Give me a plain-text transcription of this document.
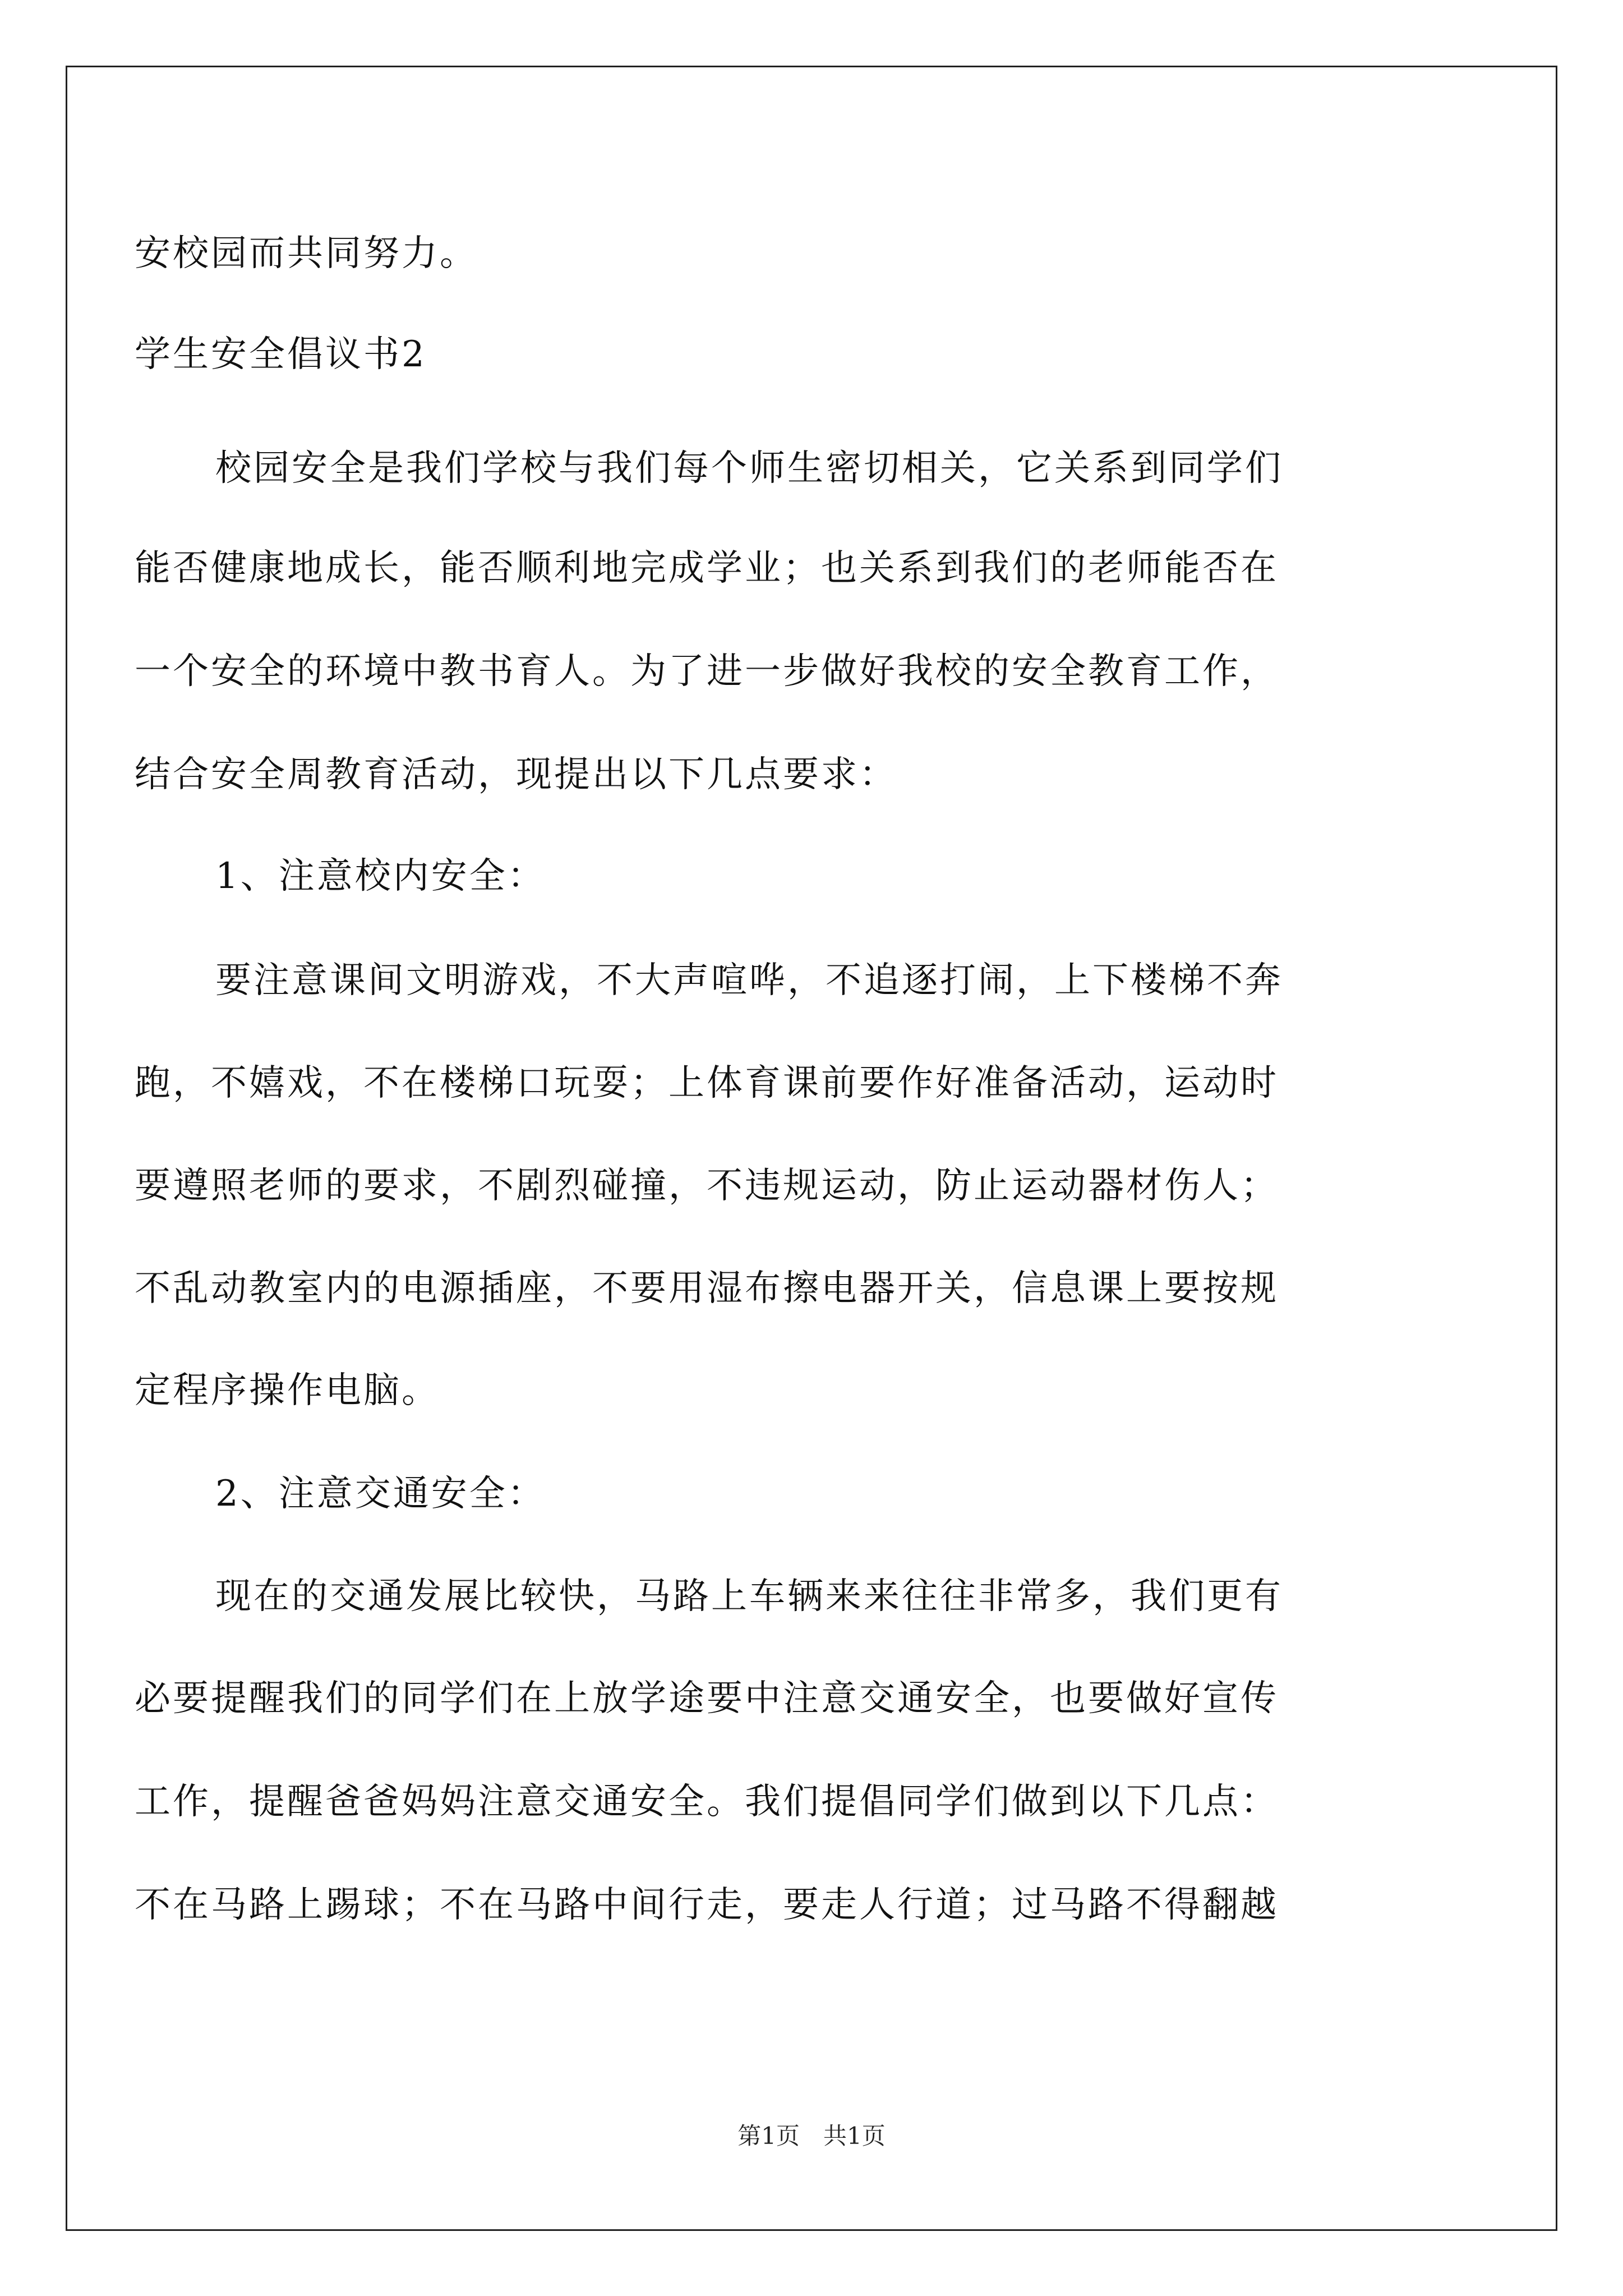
安校园而共同努力。
学生安全倡议书2
校园安全是我们学校与我们每个师生密切相关，它关系到同学们
能否健康地成长，能否顺利地完成学业；也关系到我们的老师能否在
一个安全的环境中教书育人。为了进一步做好我校的安全教育工作，
结合安全周教育活动，现提出以下几点要求：
1、注意校内安全：
要注意课间文明游戏，不大声喧哗，不追逐打闹，上下楼梯不奔
跑，不嬉戏，不在楼梯口玩耍；上体育课前要作好准备活动，运动时
要遵照老师的要求，不剧烈碰撞，不违规运动，防止运动器材伤人；
不乱动教室内的电源插座，不要用湿布擦电器开关，信息课上要按规
定程序操作电脑。
2、注意交通安全：
现在的交通发展比较快，马路上车辆来来往往非常多，我们更有
必要提醒我们的同学们在上放学途要中注意交通安全，也要做好宣传
工作，提醒爸爸妈妈注意交通安全。我们提倡同学们做到以下几点：
不在马路上踢球；不在马路中间行走，要走人行道；过马路不得翻越
第1页　共1页
